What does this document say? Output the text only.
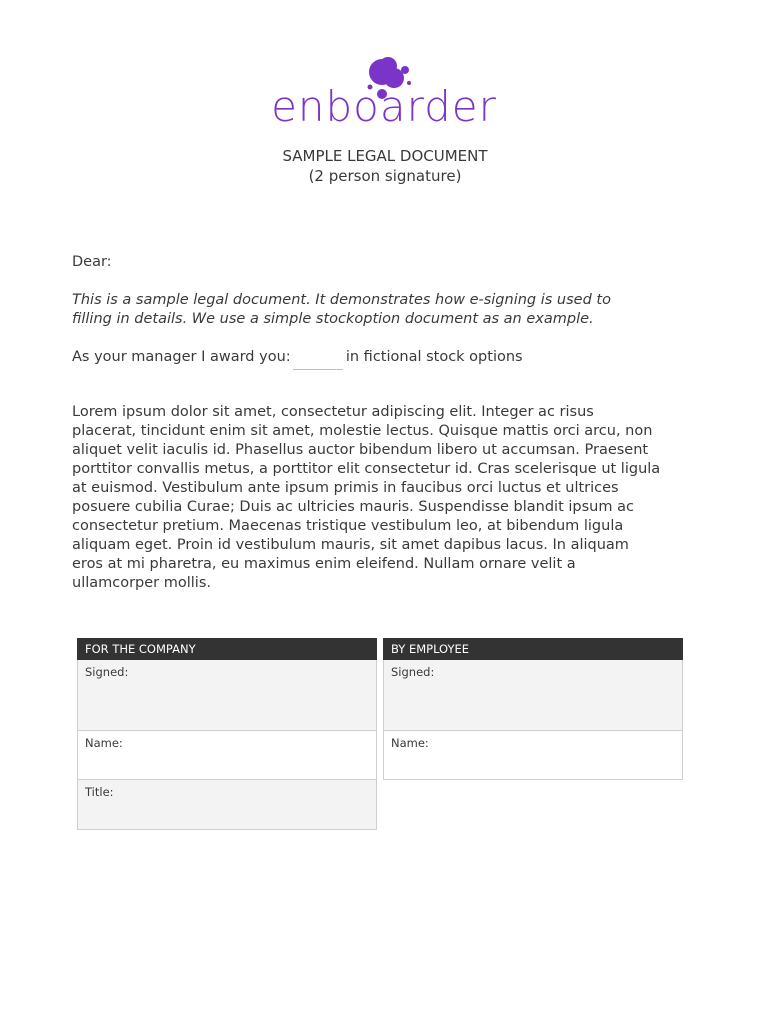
enboarder
SAMPLE LEGAL DOCUMENT
(2 person signature)
Dear:
This is a sample legal document. It demonstrates how e-signing is used to filling in details. We use a simple stockoption document as an example.
As your manager I award you:	in fictional stock options
Lorem ipsum dolor sit amet, consectetur adipiscing elit. Integer ac risus placerat, tincidunt enim sit amet, molestie lectus. Quisque mattis orci arcu, non aliquet velit iaculis id. Phasellus auctor bibendum libero ut accumsan. Praesent porttitor convallis metus, a porttitor elit consectetur id. Cras scelerisque ut ligula at euismod. Vestibulum ante ipsum primis in faucibus orci luctus et ultrices posuere cubilia Curae; Duis ac ultricies mauris. Suspendisse blandit ipsum ac consectetur pretium. Maecenas tristique vestibulum leo, at bibendum ligula aliquam eget. Proin id vestibulum mauris, sit amet dapibus lacus. In aliquam eros at mi pharetra, eu maximus enim eleifend. Nullam ornare velit a ullamcorper mollis.
FOR THE COMPANY
Signed:
Name:
Title:
BY EMPLOYEE
Signed:
Name:
